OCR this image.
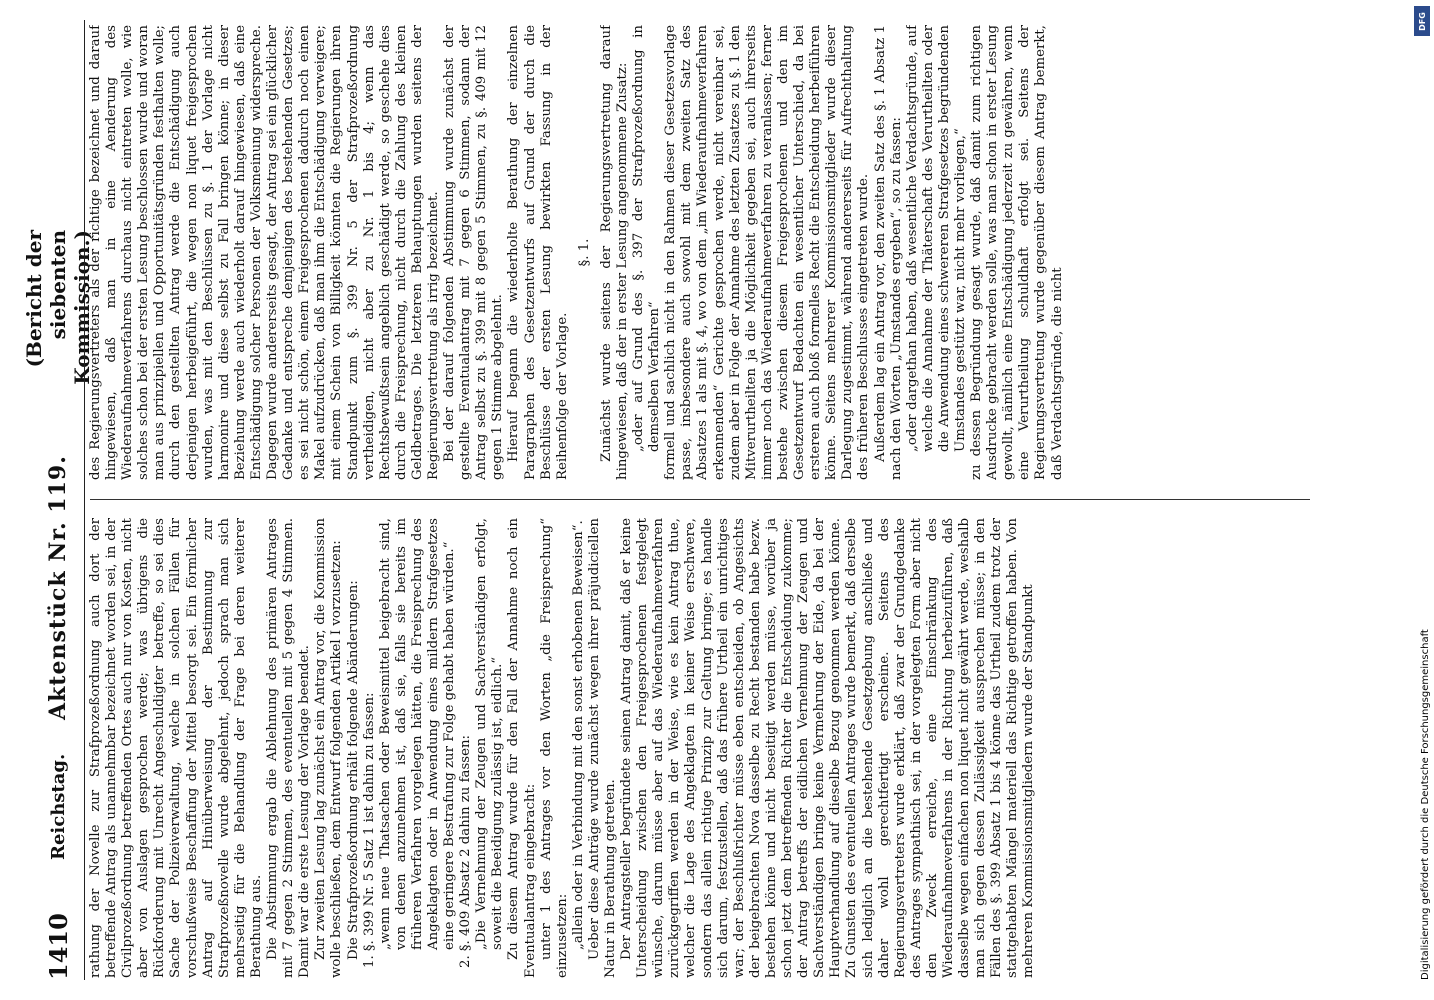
1410
Reichstag.
Aktenstück Nr. 119.
(Bericht der siebenten Kommission.)

rathung der Novelle zur Strafprozeßordnung auch dort der betreffende Antrag als unannehmbar bezeichnet worden sei, in der Civilprozeßordnung betreffenden Ortes auch nur von Kosten, nicht aber von Auslagen gesprochen werde; was übrigens die Rückforderung mit Unrecht Angeschuldigter betreffe, so sei dies Sache der Polizeiverwaltung, welche in solchen Fällen für vorschußweise Beschaffung der Mittel besorgt sei. Ein förmlicher Antrag auf Hinüberweisung der Bestimmung zur Strafprozeßnovelle wurde abgelehnt, jedoch sprach man sich mehrseitig für die Behandlung der Frage bei deren weiterer Berathung aus. Die Abstimmung ergab die Ablehnung des primären Antrages mit 7 gegen 2 Stimmen, des eventuellen mit 5 gegen 4 Stimmen. Damit war die erste Lesung der Vorlage beendet. Zur zweiten Lesung lag zunächst ein Antrag vor, die Kommission wolle beschließen, dem Entwurf folgenden Artikel I vorzusetzen: Die Strafprozeßordnung erhält folgende Abänderungen: 1. §. 399 Nr. 5 Satz 1 ist dahin zu fassen: „wenn neue Thatsachen oder Beweismittel beigebracht sind, von denen anzunehmen ist, daß sie, falls sie bereits im früheren Verfahren vorgelegen hätten, die Freisprechung des Angeklagten oder in Anwendung eines mildern Strafgesetzes eine geringere Bestrafung zur Folge gehabt haben würden.“ 2. §. 409 Absatz 2 dahin zu fassen: „Die Vernehmung der Zeugen und Sachverständigen erfolgt, soweit die Beeidigung zulässig ist, eidlich.“ Zu diesem Antrag wurde für den Fall der Annahme noch ein Eventualantrag eingebracht: unter 1 des Antrages vor den Worten „die Freisprechung“ einzusetzen: „allein oder in Verbindung mit den sonst erhobenen Beweisen“. Ueber diese Anträge wurde zunächst wegen ihrer präjudiciellen Natur in Berathung getreten. Der Antragsteller begründete seinen Antrag damit, daß er keine Unterscheidung zwischen den Freigesprochenen festgelegt wünsche, darum müsse aber auf das Wiederaufnahmeverfahren zurückgegriffen werden in der Weise, wie es kein Antrag thue, welcher die Lage des Angeklagten in keiner Weise erschwere, sondern das allein richtige Prinzip zur Geltung bringe; es handle sich darum, festzustellen, daß das frühere Urtheil ein unrichtiges war; der Beschlußrichter müsse eben entscheiden, ob Angesichts der beigebrachten Nova dasselbe zu Recht bestanden habe bezw. bestehen könne und nicht beseitigt werden müsse, worüber ja schon jetzt dem betreffenden Richter die Entscheidung zukomme; der Antrag betreffs der eidlichen Vernehmung der Zeugen und Sachverständigen bringe keine Vermehrung der Eide, da bei der Hauptverhandlung auf dieselbe Bezug genommen werden könne. Zu Gunsten des eventuellen Antrages wurde bemerkt, daß derselbe sich lediglich an die bestehende Gesetzgebung anschließe und daher wohl gerechtfertigt erscheine. Seitens des Regierungsvertreters wurde erklärt, daß zwar der Grundgedanke des Antrages sympathisch sei, in der vorgelegten Form aber nicht den Zweck erreiche, eine Einschränkung des Wiederaufnahmeverfahrens in der Richtung herbeizuführen, daß dasselbe wegen einfachen non liquet nicht gewährt werde, weshalb man sich gegen dessen Zulässigkeit aussprechen müsse; in den Fällen des §. 399 Absatz 1 bis 4 könne das Urtheil zudem trotz der stattgehabten Mängel materiell das Richtige getroffen haben. Von mehreren Kommissionsmitgliedern wurde der Standpunkt

des Regierungsvertreters als der richtige bezeichnet und darauf hingewiesen, daß man in eine Aenderung des Wiederaufnahmeverfahrens durchaus nicht eintreten wolle, wie solches schon bei der ersten Lesung beschlossen wurde und woran man aus prinzipiellen und Opportunitätsgründen festhalten wolle; durch den gestellten Antrag werde die Entschädigung auch derjenigen herbeigeführt, die wegen non liquet freigesprochen wurden, was mit den Beschlüssen zu §. 1 der Vorlage nicht harmonire und diese selbst zu Fall bringen könne; in dieser Beziehung werde auch wiederholt darauf hingewiesen, daß eine Entschädigung solcher Personen der Volksmeinung widerspreche. Dagegen wurde andererseits gesagt, der Antrag sei ein glücklicher Gedanke und entspreche demjenigen des bestehenden Gesetzes; es sei nicht schön, einem Freigesprochenen dadurch noch einen Makel aufzudrücken, daß man ihm die Entschädigung verweigere; mit einem Schein von Billigkeit könnten die Regierungen ihren Standpunkt zum §. 399 Nr. 5 der Strafprozeßordnung vertheidigen, nicht aber zu Nr. 1 bis 4; wenn das Rechtsbewußtsein angeblich geschädigt werde, so geschehe dies durch die Freisprechung, nicht durch die Zahlung des kleinen Geldbetrages. Die letzteren Behauptungen wurden seitens der Regierungsvertretung als irrig bezeichnet. Bei der darauf folgenden Abstimmung wurde zunächst der gestellte Eventualantrag mit 7 gegen 6 Stimmen, sodann der Antrag selbst zu §. 399 mit 8 gegen 5 Stimmen, zu §. 409 mit 12 gegen 1 Stimme abgelehnt. Hierauf begann die wiederholte Berathung der einzelnen Paragraphen des Gesetzentwurfs auf Grund der durch die Beschlüsse der ersten Lesung bewirkten Fassung in der Reihenfolge der Vorlage.

§. 1. Zunächst wurde seitens der Regierungsvertretung darauf hingewiesen, daß der in erster Lesung angenommene Zusatz: „oder auf Grund des §. 397 der Strafprozeßordnung in demselben Verfahren“ formell und sachlich nicht in den Rahmen dieser Gesetzesvorlage passe, insbesondere auch sowohl mit dem zweiten Satz des Absatzes 1 als mit §. 4, wo von dem „im Wiederaufnahmeverfahren erkennenden“ Gerichte gesprochen werde, nicht vereinbar sei, zudem aber in Folge der Annahme des letzten Zusatzes zu §. 1 den Mitverurtheilten ja die Möglichkeit gegeben sei, auch ihrerseits immer noch das Wiederaufnahmeverfahren zu veranlassen; ferner bestehe zwischen diesem Freigesprochenen und den im Gesetzentwurf Bedachten ein wesentlicher Unterschied, da bei ersteren auch bloß formelles Recht die Entscheidung herbeiführen könne. Seitens mehrerer Kommissionsmitglieder wurde dieser Darlegung zugestimmt, während andererseits für Aufrechthaltung des früheren Beschlusses eingetreten wurde. Außerdem lag ein Antrag vor, den zweiten Satz des §. 1 Absatz 1 nach den Worten „Umstandes ergeben“, so zu fassen: „oder dargethan haben, daß wesentliche Verdachtsgründe, auf welche die Annahme der Thäterschaft des Verurtheilten oder die Anwendung eines schwereren Strafgesetzes begründenden Umstandes gestützt war, nicht mehr vorliegen,“ zu dessen Begründung gesagt wurde, daß damit zum richtigen Ausdrucke gebracht werden solle, was man schon in erster Lesung gewollt, nämlich eine Entschädigung jederzeit zu gewähren, wenn eine Verurtheilung schuldhaft erfolgt sei. Seitens der Regierungsvertretung wurde gegenüber diesem Antrag bemerkt, daß Verdachtsgründe, die nicht

DFG
Digitalisierung gefördert durch die Deutsche Forschungsgemeinschaft
